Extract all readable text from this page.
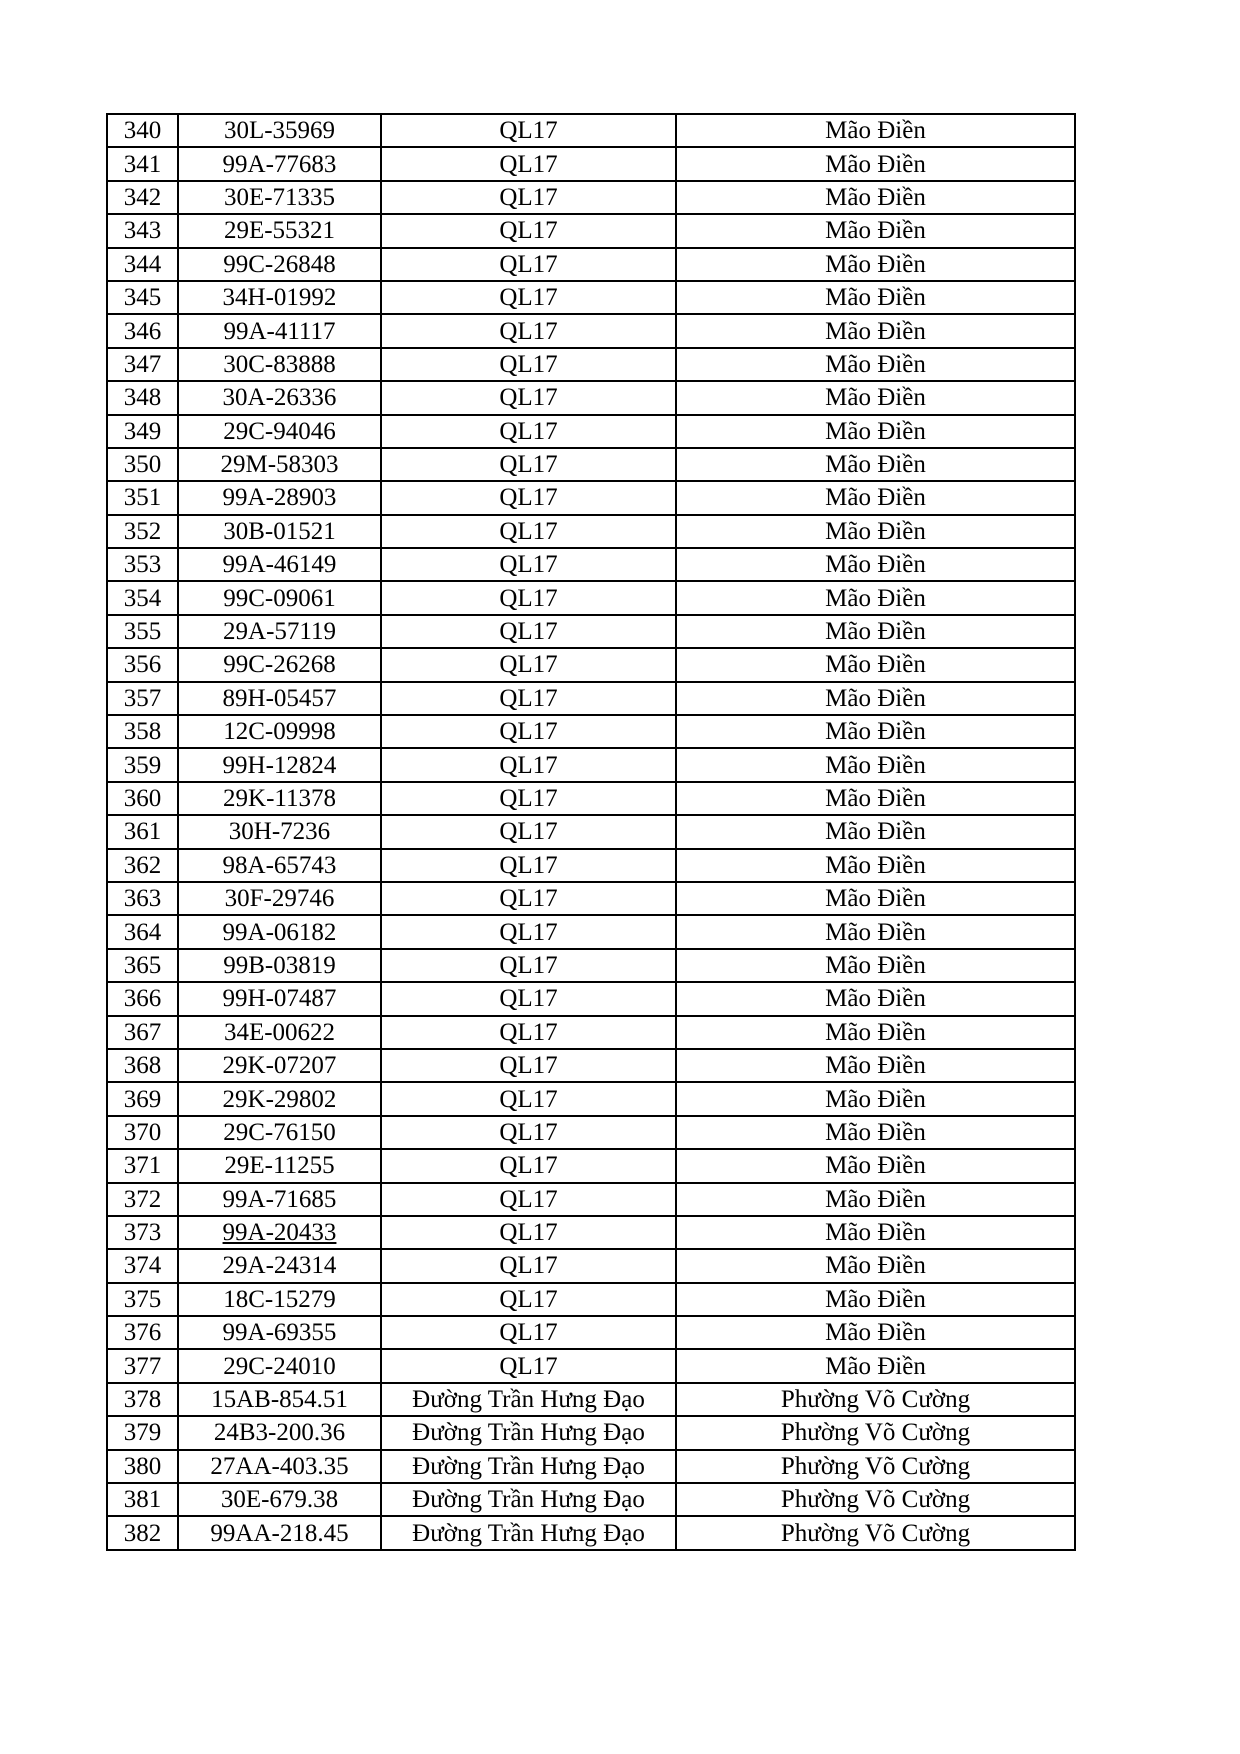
340	30L-35969	QL17	Mão Điền
341	99A-77683	QL17	Mão Điền
342	30E-71335	QL17	Mão Điền
343	29E-55321	QL17	Mão Điền
344	99C-26848	QL17	Mão Điền
345	34H-01992	QL17	Mão Điền
346	99A-41117	QL17	Mão Điền
347	30C-83888	QL17	Mão Điền
348	30A-26336	QL17	Mão Điền
349	29C-94046	QL17	Mão Điền
350	29M-58303	QL17	Mão Điền
351	99A-28903	QL17	Mão Điền
352	30B-01521	QL17	Mão Điền
353	99A-46149	QL17	Mão Điền
354	99C-09061	QL17	Mão Điền
355	29A-57119	QL17	Mão Điền
356	99C-26268	QL17	Mão Điền
357	89H-05457	QL17	Mão Điền
358	12C-09998	QL17	Mão Điền
359	99H-12824	QL17	Mão Điền
360	29K-11378	QL17	Mão Điền
361	30H-7236	QL17	Mão Điền
362	98A-65743	QL17	Mão Điền
363	30F-29746	QL17	Mão Điền
364	99A-06182	QL17	Mão Điền
365	99B-03819	QL17	Mão Điền
366	99H-07487	QL17	Mão Điền
367	34E-00622	QL17	Mão Điền
368	29K-07207	QL17	Mão Điền
369	29K-29802	QL17	Mão Điền
370	29C-76150	QL17	Mão Điền
371	29E-11255	QL17	Mão Điền
372	99A-71685	QL17	Mão Điền
373	99A-20433	QL17	Mão Điền
374	29A-24314	QL17	Mão Điền
375	18C-15279	QL17	Mão Điền
376	99A-69355	QL17	Mão Điền
377	29C-24010	QL17	Mão Điền
378	15AB-854.51	Đường Trần Hưng Đạo	Phường Võ Cường
379	24B3-200.36	Đường Trần Hưng Đạo	Phường Võ Cường
380	27AA-403.35	Đường Trần Hưng Đạo	Phường Võ Cường
381	30E-679.38	Đường Trần Hưng Đạo	Phường Võ Cường
382	99AA-218.45	Đường Trần Hưng Đạo	Phường Võ Cường
